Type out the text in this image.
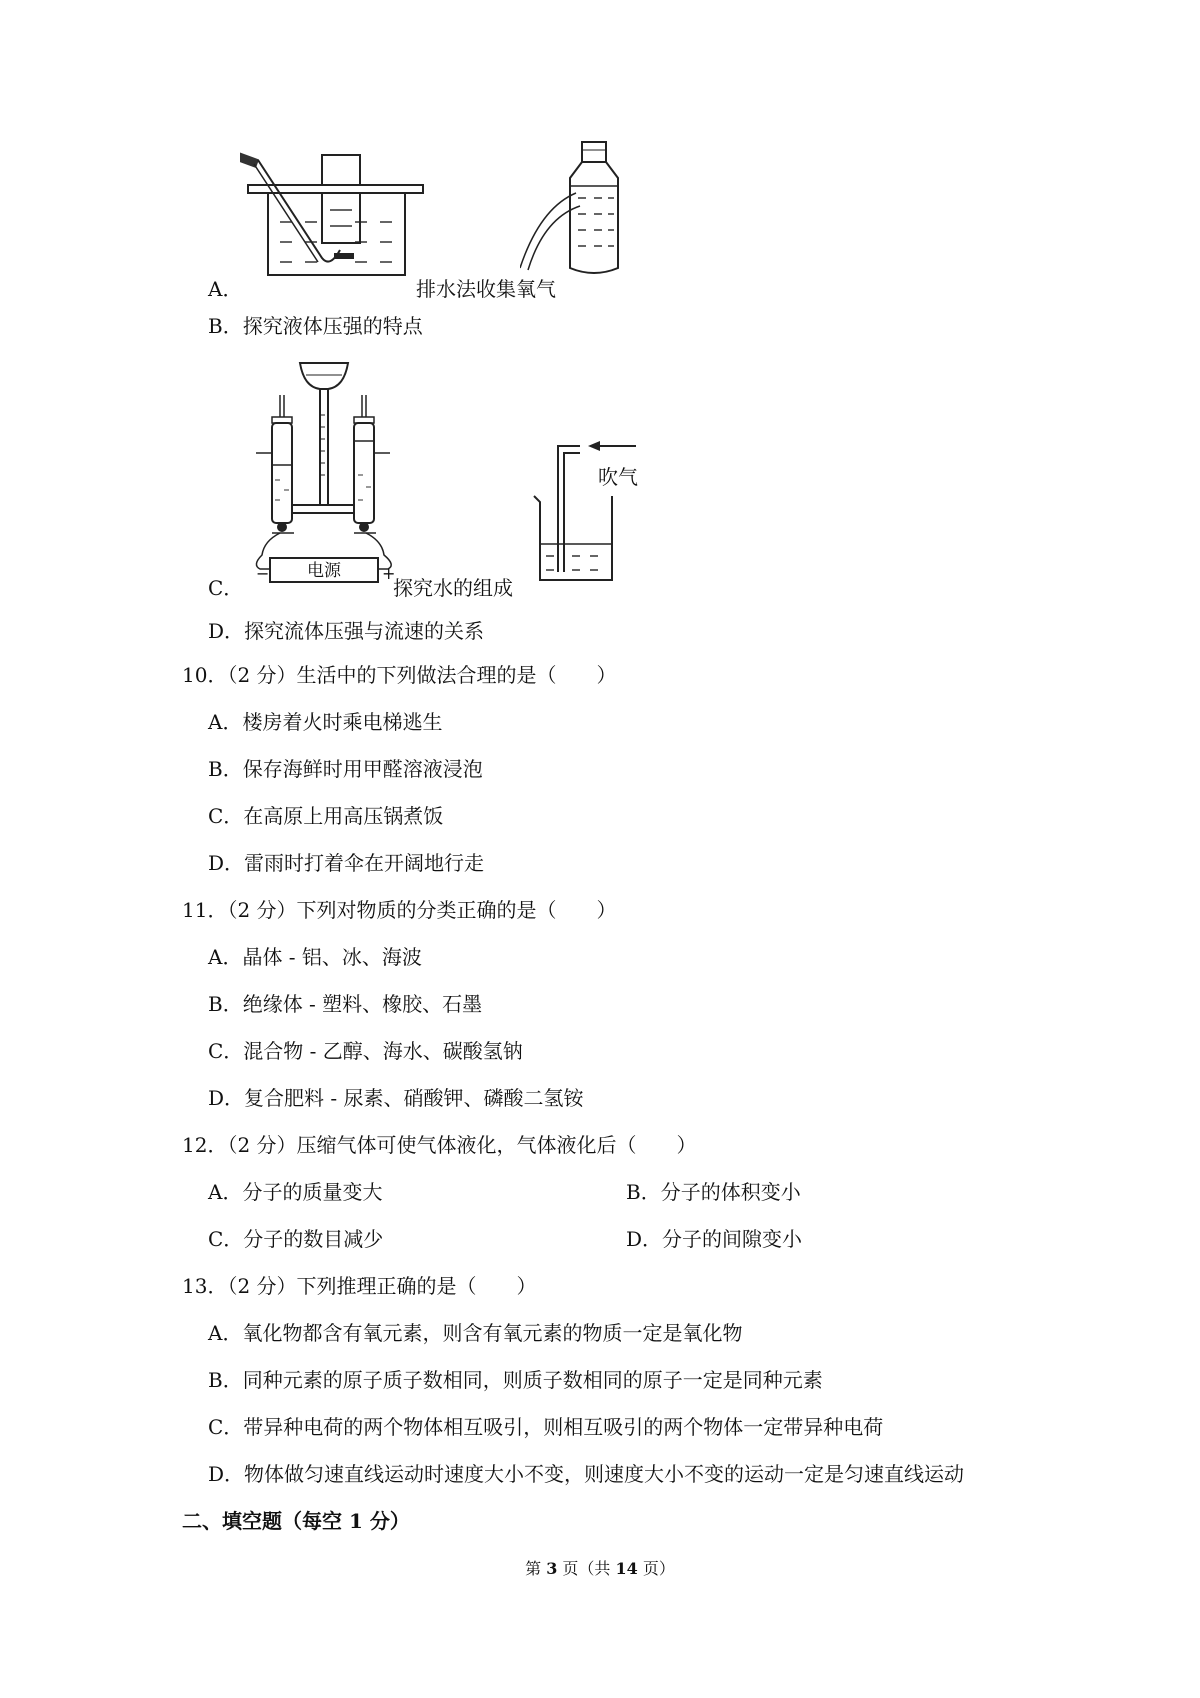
A．	排水法收集氧气
B．探究液体压强的特点
电源
−	+
吹气
C．	探究水的组成
D．探究流体压强与流速的关系
10．（2 分）生活中的下列做法合理的是（　　）
A．楼房着火时乘电梯逃生
B．保存海鲜时用甲醛溶液浸泡
C．在高原上用高压锅煮饭
D．雷雨时打着伞在开阔地行走
11．（2 分）下列对物质的分类正确的是（　　）
A．晶体 - 铝、冰、海波
B．绝缘体 - 塑料、橡胶、石墨
C．混合物 - 乙醇、海水、碳酸氢钠
D．复合肥料 - 尿素、硝酸钾、磷酸二氢铵
12．（2 分）压缩气体可使气体液化，气体液化后（　　）
A．分子的质量变大	B．分子的体积变小
C．分子的数目减少	D．分子的间隙变小
13．（2 分）下列推理正确的是（　　）
A．氧化物都含有氧元素，则含有氧元素的物质一定是氧化物
B．同种元素的原子质子数相同，则质子数相同的原子一定是同种元素
C．带异种电荷的两个物体相互吸引，则相互吸引的两个物体一定带异种电荷
D．物体做匀速直线运动时速度大小不变，则速度大小不变的运动一定是匀速直线运动
二、填空题（每空 1 分）
第 3 页（共 14 页）
